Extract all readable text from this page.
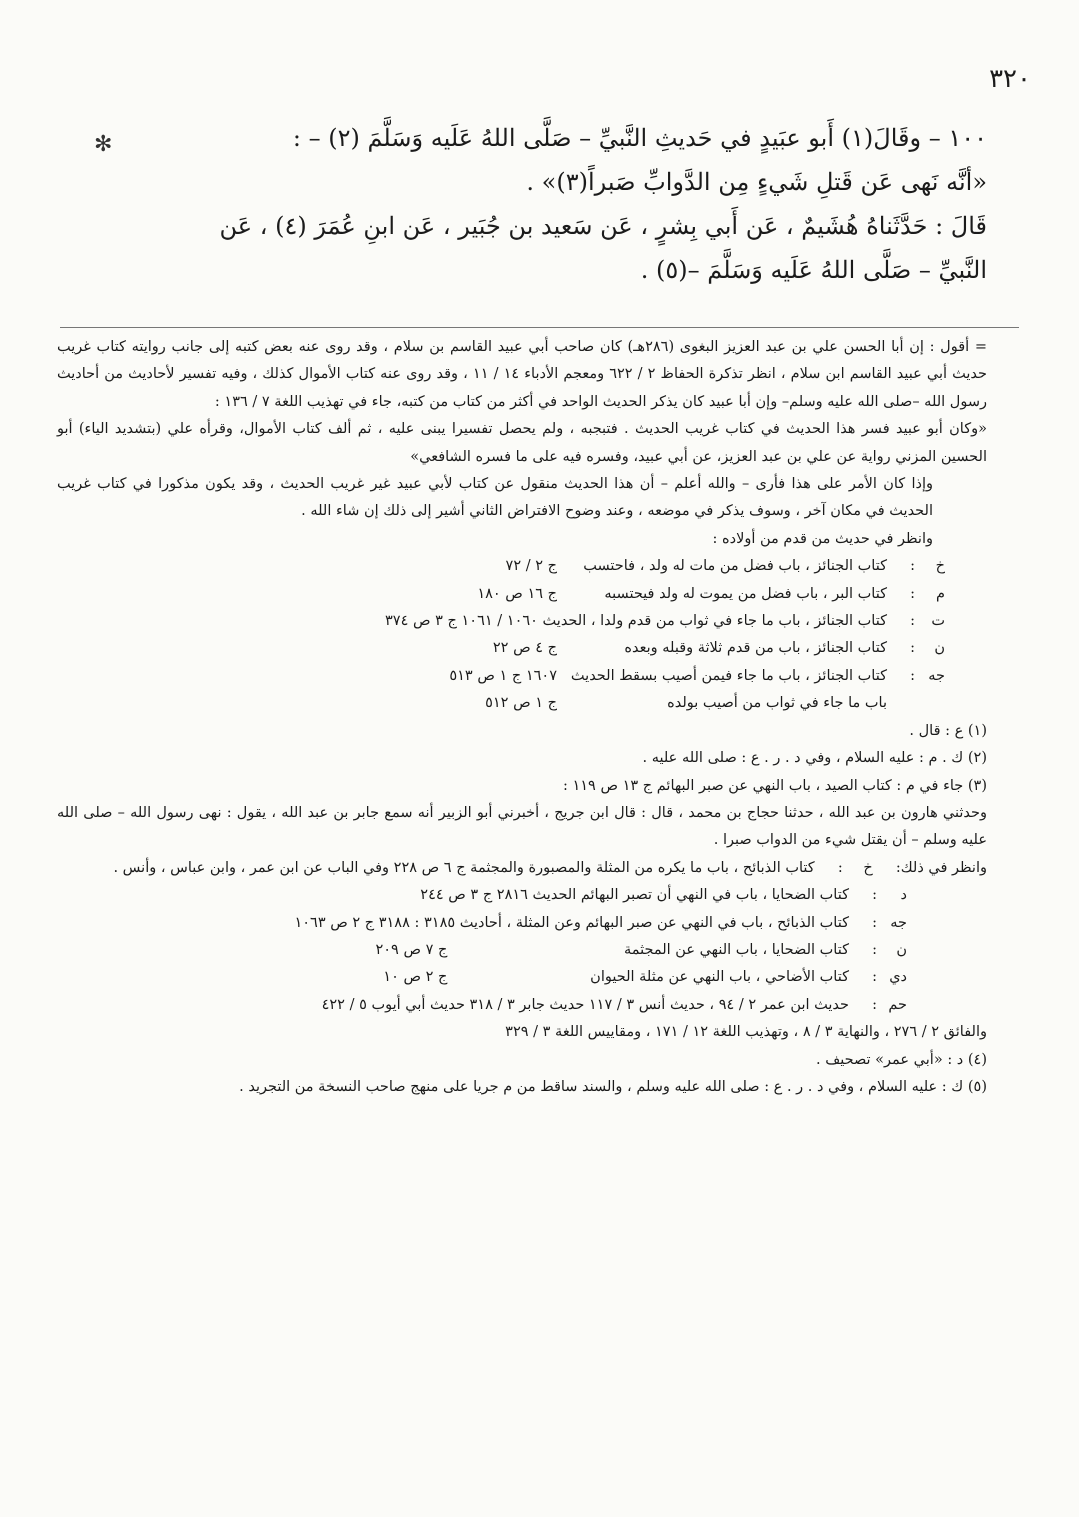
٣٢٠

✻	١٠٠ – وقَالَ(١) أَبو عبَيدٍ في حَديثِ النَّبيِّ – صَلَّى اللهُ عَلَيه وَسَلَّمَ (٢) – :

«أنَّه نَهى عَن قَتلِ شَيءٍ مِن الدَّوابِّ صَبراً(٣)» .

قَالَ : حَدَّثَناهُ هُشَيمٌ ، عَن أَبي بِشرٍ ، عَن سَعيد بن جُبَير ، عَن ابنِ عُمَرَ (٤) ، عَن

النَّبيِّ – صَلَّى اللهُ عَلَيه وَسَلَّمَ –(٥) .

= أقول : إن أبا الحسن علي بن عبد العزيز البغوى (٢٨٦هـ) كان صاحب أبي عبيد القاسم بن سلام ، وقد روى عنه بعض كتبه إلى جانب روايته كتاب غريب حديث أبي عبيد القاسم ابن سلام ، انظر تذكرة الحفاظ ٢ / ٦٢٢ ومعجم الأدباء ١٤ / ١١ ، وقد روى عنه كتاب الأموال كذلك ، وفيه تفسير لأحاديث من أحاديث رسول الله –صلى الله عليه وسلم– وإن أبا عبيد كان يذكر الحديث الواحد في أكثر من كتاب من كتبه، جاء في تهذيب اللغة ٧ / ١٣٦ :

«وكان أبو عبيد فسر هذا الحديث في كتاب غريب الحديث . فتبجبه ، ولم يحصل تفسيرا يبنى عليه ، ثم ألف كتاب الأموال، وقرأه علي (بتشديد الياء) أبو الحسين المزني رواية عن علي بن عبد العزيز، عن أبي عبيد، وفسره فيه على ما فسره الشافعي»

وإذا كان الأمر على هذا فأرى – والله أعلم – أن هذا الحديث منقول عن كتاب لأبي عبيد غير غريب الحديث ، وقد يكون مذكورا في كتاب غريب الحديث في مكان آخر ، وسوف يذكر في موضعه ، وعند وضوح الافتراض الثاني أشير إلى ذلك إن شاء الله .

وانظر في حديث من قدم من أولاده :

خ	:	كتاب الجنائز ، باب فضل من مات له ولد ، فاحتسب	ج ٢ / ٧٢
م	:	كتاب البر ، باب فضل من يموت له ولد فيحتسبه	ج ١٦ ص ١٨٠
ت	:	كتاب الجنائز ، باب ما جاء في ثواب من قدم ولدا ، الحديث ١٠٦٠ / ١٠٦١ ج ٣ ص ٣٧٤	
ن	:	كتاب الجنائز ، باب من قدم ثلاثة وقبله وبعده	ج ٤ ص ٢٢
جه	:	كتاب الجنائز ، باب ما جاء فيمن أصيب بسقط الحديث	١٦٠٧ ج ١ ص ٥١٣
		باب ما جاء في ثواب من أصيب بولده	ج ١ ص ٥١٢

(١) ع : قال .

(٢) ك . م : عليه السلام ، وفي د . ر . ع : صلى الله عليه .

(٣) جاء في م : كتاب الصيد ، باب النهي عن صبر البهائم ج ١٣ ص ١١٩ :

وحدثني هارون بن عبد الله ، حدثنا حجاج بن محمد ، قال : قال ابن جريج ، أخبرني أبو الزبير أنه سمع جابر بن عبد الله ، يقول : نهى رسول الله – صلى الله عليه وسلم – أن يقتل شيء من الدواب صبرا .

وانظر في ذلك	:	خ	:	كتاب الذبائح ، باب ما يكره من المثلة والمصبورة والمجثمة ج ٦ ص ٢٢٨ وفي الباب عن ابن عمر ، وابن عباس ، وأنس .
د	:	كتاب الضحايا ، باب في النهي أن تصبر البهائم الحديث ٢٨١٦ ج ٣ ص ٢٤٤	
جه	:	كتاب الذبائح ، باب في النهي عن صبر البهائم وعن المثلة ، أحاديث ٣١٨٥ : ٣١٨٨ ج ٢ ص ١٠٦٣	
ن	:	كتاب الضحايا ، باب النهي عن المجثمة	ج ٧ ص ٢٠٩
دي	:	كتاب الأضاحي ، باب النهي عن مثلة الحيوان	ج ٢ ص ١٠
حم	:	حديث ابن عمر ٢ / ٩٤ ، حديث أنس ٣ / ١١٧ حديث جابر ٣ / ٣١٨ حديث أبي أيوب ٥ / ٤٢٢	

والفائق ٢ / ٢٧٦ ، والنهاية ٣ / ٨ ، وتهذيب اللغة ١٢ / ١٧١ ، ومقاييس اللغة ٣ / ٣٢٩

(٤) د : «أبي عمر» تصحيف .

(٥) ك : عليه السلام ، وفي د . ر . ع : صلى الله عليه وسلم ، والسند ساقط من م جريا على منهج صاحب النسخة من التجريد .
